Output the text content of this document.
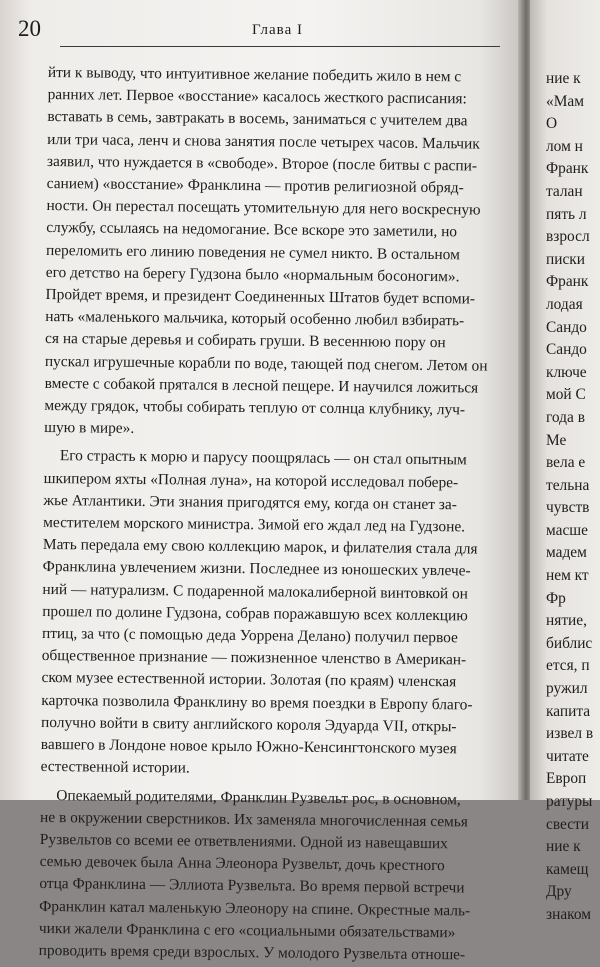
20	Глава I

йти к выводу, что интуитивное желание победить жило в нем с

ранних лет. Первое «восстание» касалось жесткого расписания:

вставать в семь, завтракать в восемь, заниматься с учителем два

или три часа, ленч и снова занятия после четырех часов. Мальчик

заявил, что нуждается в «свободе». Второе (после битвы с распи-

санием) «восстание» Франклина — против религиозной обряд-

ности. Он перестал посещать утомительную для него воскресную

службу, ссылаясь на недомогание. Все вскоре это заметили, но

переломить его линию поведения не сумел никто. В остальном

его детство на берегу Гудзона было «нормальным босоногим».

Пройдет время, и президент Соединенных Штатов будет вспоми-

нать «маленького мальчика, который особенно любил взбирать-

ся на старые деревья и собирать груши. В весеннюю пору он

пускал игрушечные корабли по воде, тающей под снегом. Летом он

вместе с собакой прятался в лесной пещере. И научился ложиться

между грядок, чтобы собирать теплую от солнца клубнику, луч-

шую в мире».

Его страсть к морю и парусу поощрялась — он стал опытным

шкипером яхты «Полная луна», на которой исследовал побере-

жье Атлантики. Эти знания пригодятся ему, когда он станет за-

местителем морского министра. Зимой его ждал лед на Гудзоне.

Мать передала ему свою коллекцию марок, и филателия стала для

Франклина увлечением жизни. Последнее из юношеских увлече-

ний — натурализм. С подаренной малокалиберной винтовкой он

прошел по долине Гудзона, собрав поражавшую всех коллекцию

птиц, за что (с помощью деда Уоррена Делано) получил первое

общественное признание — пожизненное членство в Американ-

ском музее естественной истории. Золотая (по краям) членская

карточка позволила Франклину во время поездки в Европу благо-

получно войти в свиту английского короля Эдуарда VII, откры-

вавшего в Лондоне новое крыло Южно-Кенсингтонского музея

естественной истории.

Опекаемый родителями, Франклин Рузвельт рос, в основном,

не в окружении сверстников. Их заменяла многочисленная семья

Рузвельтов со всеми ее ответвлениями. Одной из навещавших

семью девочек была Анна Элеонора Рузвельт, дочь крестного

отца Франклина — Эллиота Рузвельта. Во время первой встречи

Франклин катал маленькую Элеонору на спине. Окрестные маль-

чики жалели Франклина с его «социальными обязательствами»

проводить время среди взрослых. У молодого Рузвельта отноше-

ние к
«Мам
О
лом н
Франк
талан
пять л
взросл
писки
Франк
лодая
Сандо
Сандо
ключе
мой С
года в
Ме
вела е
тельна
чувств
масше
мадем
нем кт
Фр
нятие,
библис
ется, п
ружил
капита
извел в
читате
Европ
ратуры
свести
ние к
камещ
Дру
знаком
